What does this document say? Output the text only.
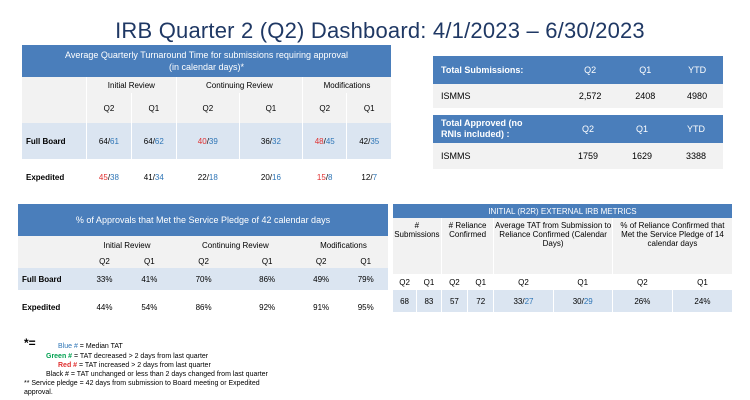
IRB Quarter 2 (Q2) Dashboard: 4/1/2023 – 6/30/2023
Average Quarterly Turnaround Time for submissions requiring approval
(in calendar days)*						
	Initial Review		Continuing Review		Modifications	
	Q2	Q1	Q2	Q1	Q2	Q1
Full Board	64/61	64/62	40/39	36/32	48/45	42/35
Expedited	45/38	41/34	22/18	20/16	15/8	12/7
Total Submissions:	Q2	Q1	YTD
ISMMS	2,572	2408	4980
Total Approved (no
RNIs included) :	Q2	Q1	YTD
ISMMS	1759	1629	3388
% of Approvals that Met the Service Pledge of 42 calendar days						
	Initial Review		Continuing Review		Modifications	
	Q2	Q1	Q2	Q1	Q2	Q1
Full Board	33%	41%	70%	86%	49%	79%
Expedited	44%	54%	86%	92%	91%	95%
INITIAL (R2R) EXTERNAL IRB METRICS							
# Submissions		# Reliance Confirmed		Average TAT from Submission to Reliance Confirmed (Calendar Days)		% of Reliance Confirmed that Met the Service Pledge of 14 calendar days	
Q2	Q1	Q2	Q1	Q2	Q1	Q2	Q1
68	83	57	72	33/27	30/29	26%	24%
*=	Blue # = Median TAT
Green # = TAT decreased > 2 days from last quarter
Red # = TAT increased > 2 days from last quarter
Black # = TAT unchanged or less than 2 days changed from last quarter
** Service pledge = 42 days from submission to Board meeting or Expedited
approval.
